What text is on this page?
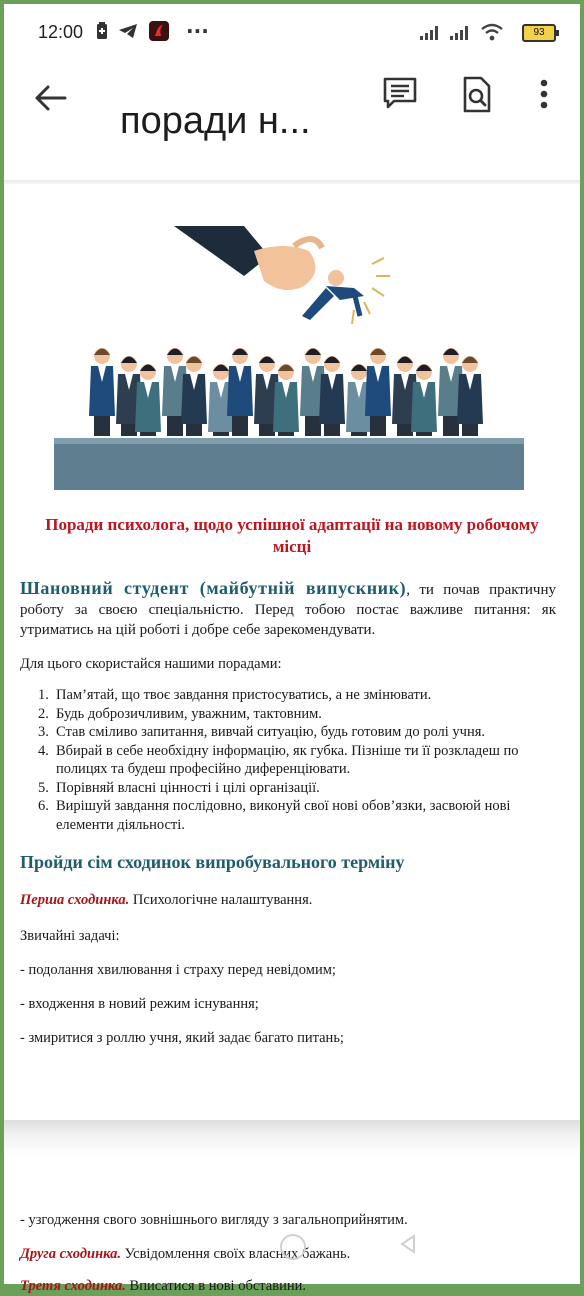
12:00	···	93
поради н...
Поради психолога, щодо успішної адаптації на новому робочому місці
Шановний студент (майбутній випускник), ти почав практичну роботу за своєю спеціальністю. Перед тобою постає важливе питання: як утриматись на цій роботі і добре себе зарекомендувати.
Для цього скористайся нашими порадами:
1. Пам’ятай, що твоє завдання пристосуватись, а не змінювати.
2. Будь доброзичливим, уважним, тактовним.
3. Став сміливо запитання, вивчай ситуацію, будь готовим до ролі учня.
4. Вбирай в себе необхідну інформацію, як губка. Пізніше ти її розкладеш по полицях та будеш професійно диференціювати.
5. Порівняй власні цінності і цілі організації.
6. Вирішуй завдання послідовно, виконуй свої нові обов’язки, засвоюй нові елементи діяльності.
Пройди сім сходинок випробувального терміну
Перша сходинка. Психологічне налаштування.
Звичайні задачі:
- подолання хвилювання і страху перед невідомим;
- входження в новий режим існування;
- змиритися з роллю учня, який задає багато питань;
- узгодження свого зовнішнього вигляду з загальноприйнятим.
Друга сходинка. Усвідомлення своїх власних бажань.
Третя сходинка. Вписатися в нові обставини.
